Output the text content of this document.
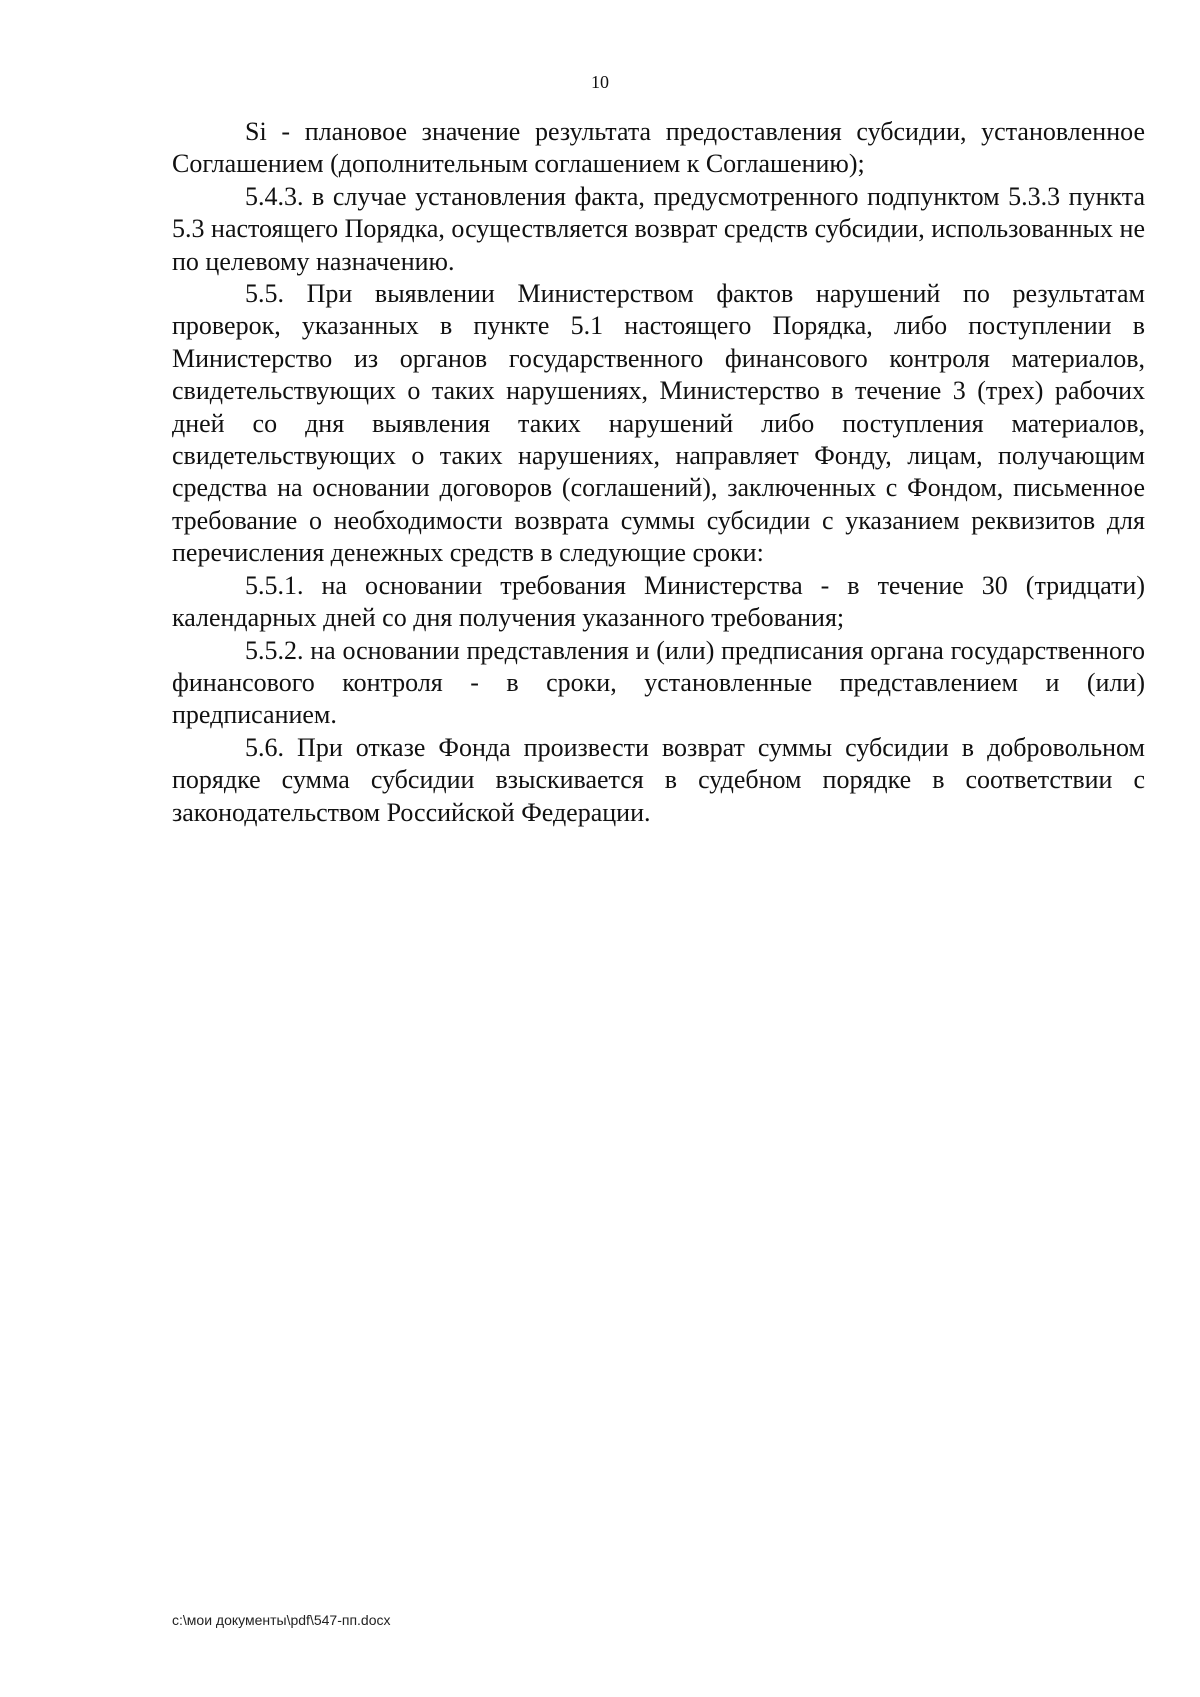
10

Si - плановое значение результата предоставления субсидии, установленное Соглашением (дополнительным соглашением к Соглашению);

5.4.3. в случае установления факта, предусмотренного подпунктом 5.3.3 пункта 5.3 настоящего Порядка, осуществляется возврат средств субсидии, использованных не по целевому назначению.

5.5. При выявлении Министерством фактов нарушений по результатам проверок, указанных в пункте 5.1 настоящего Порядка, либо поступлении в Министерство из органов государственного финансового контроля материалов, свидетельствующих о таких нарушениях, Министерство в течение 3 (трех) рабочих дней со дня выявления таких нарушений либо поступления материалов, свидетельствующих о таких нарушениях, направляет Фонду, лицам, получающим средства на основании договоров (соглашений), заключенных с Фондом, письменное требование о необходимости возврата суммы субсидии с указанием реквизитов для перечисления денежных средств в следующие сроки:

5.5.1. на основании требования Министерства - в течение 30 (тридцати) календарных дней со дня получения указанного требования;

5.5.2. на основании представления и (или) предписания органа государственного финансового контроля - в сроки, установленные представлением и (или) предписанием.

5.6. При отказе Фонда произвести возврат суммы субсидии в добровольном порядке сумма субсидии взыскивается в судебном порядке в соответствии с законодательством Российской Федерации.

c:\мои документы\pdf\547-пп.docx
